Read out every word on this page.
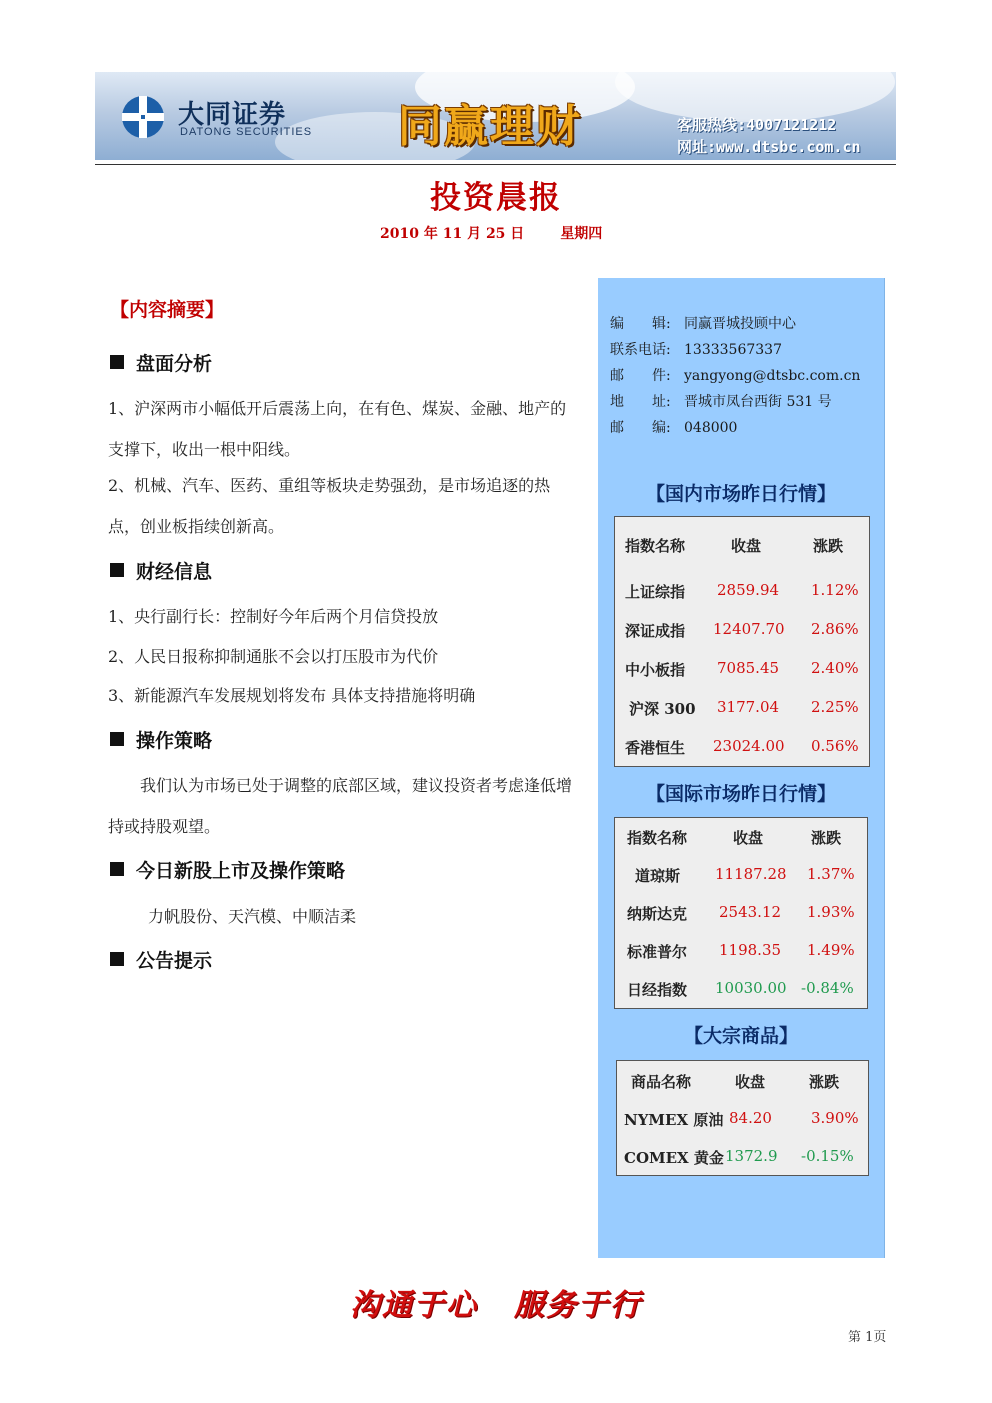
大同证券
DATONG SECURITIES 同赢理财	客服热线:4007121212
网址:www.dtsbc.com.cn
投资晨报
2010 年 11 月 25 日	星期四
【内容摘要】
盘面分析
1、沪深两市小幅低开后震荡上向，在有色、煤炭、金融、地产的支撑下，收出一根中阳线。
2、机械、汽车、医药、重组等板块走势强劲，是市场追逐的热点，创业板指续创新高。
财经信息
1、央行副行长：控制好今年后两个月信贷投放
2、人民日报称抑制通胀不会以打压股市为代价
3、新能源汽车发展规划将发布 具体支持措施将明确
操作策略
我们认为市场已处于调整的底部区域，建议投资者考虑逢低增持或持股观望。
今日新股上市及操作策略
力帆股份、天汽模、中顺洁柔
公告提示
编　　辑: 同赢晋城投顾中心
联系电话: 13333567337
邮　　件: yangyong@dtsbc.com.cn
地　　址: 晋城市凤台西街 531 号
邮　　编: 048000
【国内市场昨日行情】
指数名称	收盘	涨跌
上证综指 2859.94 1.12%
深证成指 12407.70 2.86%
中小板指 7085.45 2.40%
沪深 300 3177.04 2.25%
香港恒生 23024.00 0.56%
【国际市场昨日行情】
指数名称	收盘	涨跌
道琼斯 11187.28 1.37%
纳斯达克 2543.12 1.93%
标准普尔 1198.35 1.49%
日经指数 10030.00 -0.84%
【大宗商品】
商品名称	收盘	涨跌
NYMEX 原油 84.20	3.90%
COMEX 黄金 1372.9 -0.15%
沟通于心 服务于行
第 1页
